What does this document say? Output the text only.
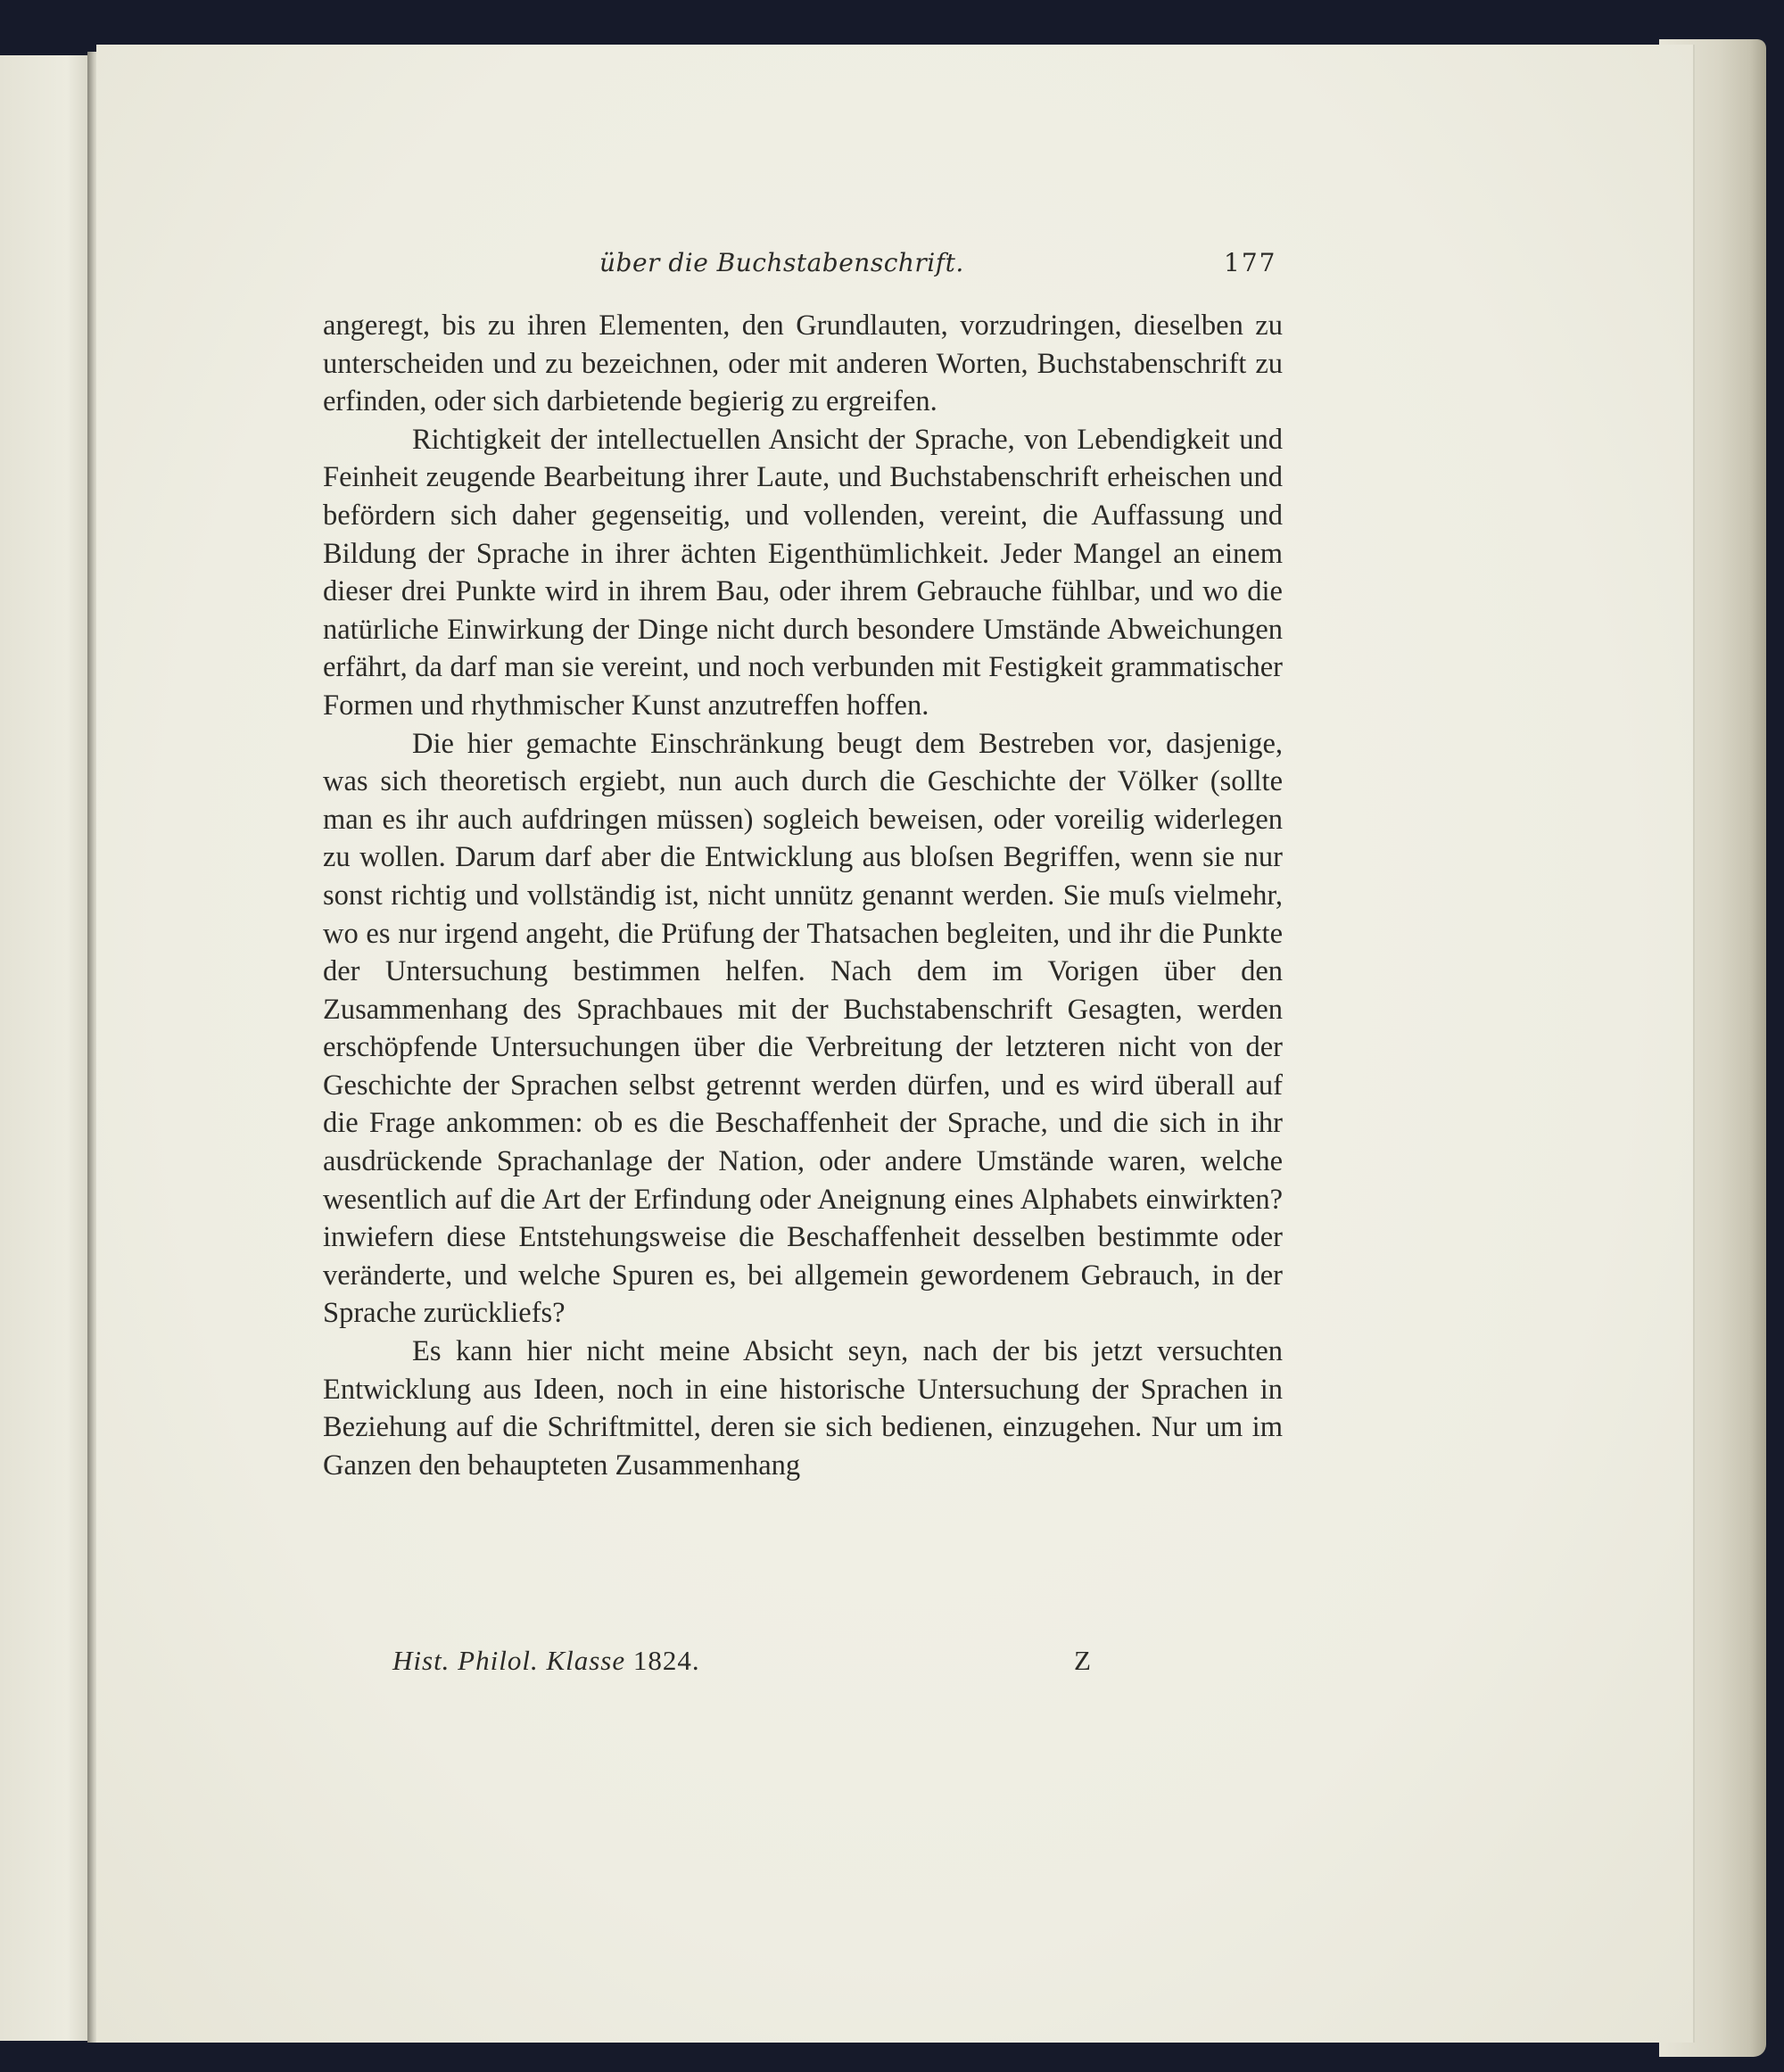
über die Buchstabenschrift.	177

angeregt, bis zu ihren Elementen, den Grundlauten, vorzudringen, dieselben zu unterscheiden und zu bezeichnen, oder mit anderen Worten, Buchstabenschrift zu erfinden, oder sich darbietende begierig zu ergreifen.

Richtigkeit der intellectuellen Ansicht der Sprache, von Lebendigkeit und Feinheit zeugende Bearbeitung ihrer Laute, und Buchstabenschrift erheischen und befördern sich daher gegenseitig, und vollenden, vereint, die Auffassung und Bildung der Sprache in ihrer ächten Eigenthümlichkeit. Jeder Mangel an einem dieser drei Punkte wird in ihrem Bau, oder ihrem Gebrauche fühlbar, und wo die natürliche Einwirkung der Dinge nicht durch besondere Umstände Abweichungen erfährt, da darf man sie vereint, und noch verbunden mit Festigkeit grammatischer Formen und rhythmischer Kunst anzutreffen hoffen.

Die hier gemachte Einschränkung beugt dem Bestreben vor, dasjenige, was sich theoretisch ergiebt, nun auch durch die Geschichte der Völker (sollte man es ihr auch aufdringen müssen) sogleich beweisen, oder voreilig widerlegen zu wollen. Darum darf aber die Entwicklung aus bloſsen Begriffen, wenn sie nur sonst richtig und vollständig ist, nicht unnütz genannt werden. Sie muſs vielmehr, wo es nur irgend angeht, die Prüfung der Thatsachen begleiten, und ihr die Punkte der Untersuchung bestimmen helfen. Nach dem im Vorigen über den Zusammenhang des Sprachbaues mit der Buchstabenschrift Gesagten, werden erschöpfende Untersuchungen über die Verbreitung der letzteren nicht von der Geschichte der Sprachen selbst getrennt werden dürfen, und es wird überall auf die Frage ankommen: ob es die Beschaffenheit der Sprache, und die sich in ihr ausdrückende Sprachanlage der Nation, oder andere Umstände waren, welche wesentlich auf die Art der Erfindung oder Aneignung eines Alphabets einwirkten? inwiefern diese Entstehungsweise die Beschaffenheit desselben bestimmte oder veränderte, und welche Spuren es, bei allgemein gewordenem Gebrauch, in der Sprache zurückliefs?

Es kann hier nicht meine Absicht seyn, nach der bis jetzt versuchten Entwicklung aus Ideen, noch in eine historische Untersuchung der Sprachen in Beziehung auf die Schriftmittel, deren sie sich bedienen, einzugehen. Nur um im Ganzen den behaupteten Zusammenhang

Hist. Philol. Klasse 1824.	Z
